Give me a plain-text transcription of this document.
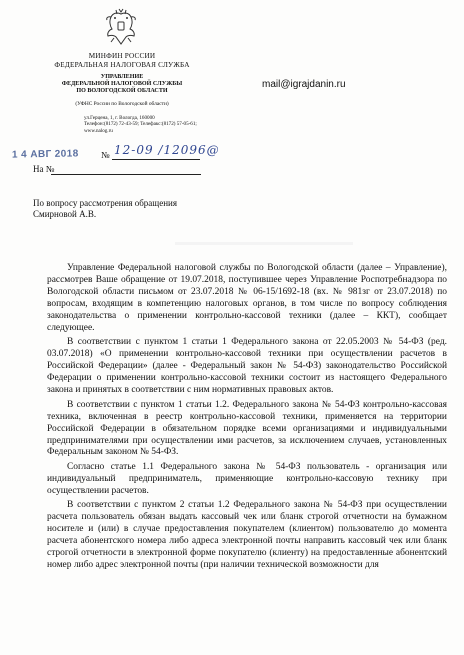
МИНФИН РОССИИ
ФЕДЕРАЛЬНАЯ НАЛОГОВАЯ СЛУЖБА
УПРАВЛЕНИЕ
ФЕДЕРАЛЬНОЙ НАЛОГОВОЙ СЛУЖБЫ
ПО ВОЛОГОДСКОЙ ОБЛАСТИ
(УФНС России по Вологодской области)
ул.Герцена, 1, г. Вологда, 160000
Телефон:(8172) 72-43-59; Телефакс:(8172) 57-05-61;
www.nalog.ru
1 4 АВГ 2018 № 12-09 /12096@
На №
mail@igrajdanin.ru
По вопросу рассмотрения обращения
Смирновой А.В.

Управление Федеральной налоговой службы по Вологодской области (далее – Управление), рассмотрев Ваше обращение от 19.07.2018, поступившее через Управление Роспотребнадзора по Вологодской области письмом от 23.07.2018 № 06-15/1692-18 (вх. № 981зг от 23.07.2018) по вопросам, входящим в компетенцию налоговых органов, в том числе по вопросу соблюдения законодательства о применении контрольно-кассовой техники (далее – ККТ), сообщает следующее.

В соответствии с пунктом 1 статьи 1 Федерального закона от 22.05.2003 № 54-ФЗ (ред. 03.07.2018) «О применении контрольно-кассовой техники при осуществлении расчетов в Российской Федерации» (далее - Федеральный закон № 54-ФЗ) законодательство Российской Федерации о применении контрольно-кассовой техники состоит из настоящего Федерального закона и принятых в соответствии с ним нормативных правовых актов.

В соответствии с пунктом 1 статьи 1.2. Федерального закона № 54-ФЗ контрольно-кассовая техника, включенная в реестр контрольно-кассовой техники, применяется на территории Российской Федерации в обязательном порядке всеми организациями и индивидуальными предпринимателями при осуществлении ими расчетов, за исключением случаев, установленных Федеральным законом № 54-ФЗ.

Согласно статье 1.1 Федерального закона № 54-ФЗ пользователь - организация или индивидуальный предприниматель, применяющие контрольно-кассовую технику при осуществлении расчетов.

В соответствии с пунктом 2 статьи 1.2 Федерального закона № 54-ФЗ при осуществлении расчета пользователь обязан выдать кассовый чек или бланк строгой отчетности на бумажном носителе и (или) в случае предоставления покупателем (клиентом) пользователю до момента расчета абонентского номера либо адреса электронной почты направить кассовый чек или бланк строгой отчетности в электронной форме покупателю (клиенту) на предоставленные абонентский номер либо адрес электронной почты (при наличии технической возможности для
